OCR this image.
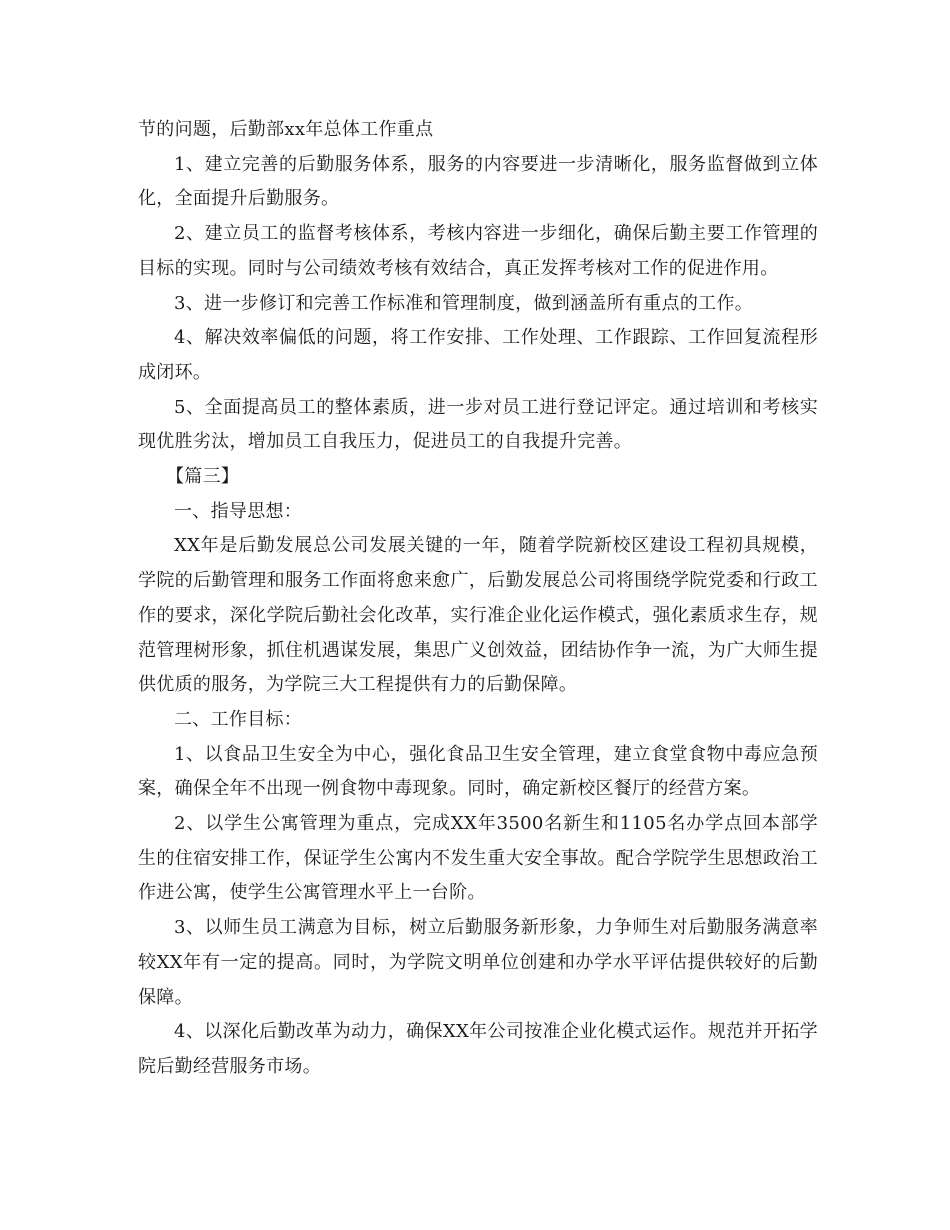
节的问题，后勤部xx年总体工作重点

1、建立完善的后勤服务体系，服务的内容要进一步清晰化，服务监督做到立体化，全面提升后勤服务。

2、建立员工的监督考核体系，考核内容进一步细化，确保后勤主要工作管理的目标的实现。同时与公司绩效考核有效结合，真正发挥考核对工作的促进作用。

3、进一步修订和完善工作标准和管理制度，做到涵盖所有重点的工作。

4、解决效率偏低的问题，将工作安排、工作处理、工作跟踪、工作回复流程形成闭环。

5、全面提高员工的整体素质，进一步对员工进行登记评定。通过培训和考核实现优胜劣汰，增加员工自我压力，促进员工的自我提升完善。

【篇三】

一、指导思想：

XX年是后勤发展总公司发展关键的一年，随着学院新校区建设工程初具规模，学院的后勤管理和服务工作面将愈来愈广，后勤发展总公司将围绕学院党委和行政工作的要求，深化学院后勤社会化改革，实行准企业化运作模式，强化素质求生存，规范管理树形象，抓住机遇谋发展，集思广义创效益，团结协作争一流，为广大师生提供优质的服务，为学院三大工程提供有力的后勤保障。

二、工作目标：

1、以食品卫生安全为中心，强化食品卫生安全管理，建立食堂食物中毒应急预案，确保全年不出现一例食物中毒现象。同时，确定新校区餐厅的经营方案。

2、以学生公寓管理为重点，完成XX年3500名新生和1105名办学点回本部学生的住宿安排工作，保证学生公寓内不发生重大安全事故。配合学院学生思想政治工作进公寓，使学生公寓管理水平上一台阶。

3、以师生员工满意为目标，树立后勤服务新形象，力争师生对后勤服务满意率较XX年有一定的提高。同时，为学院文明单位创建和办学水平评估提供较好的后勤保障。

4、以深化后勤改革为动力，确保XX年公司按准企业化模式运作。规范并开拓学院后勤经营服务市场。
